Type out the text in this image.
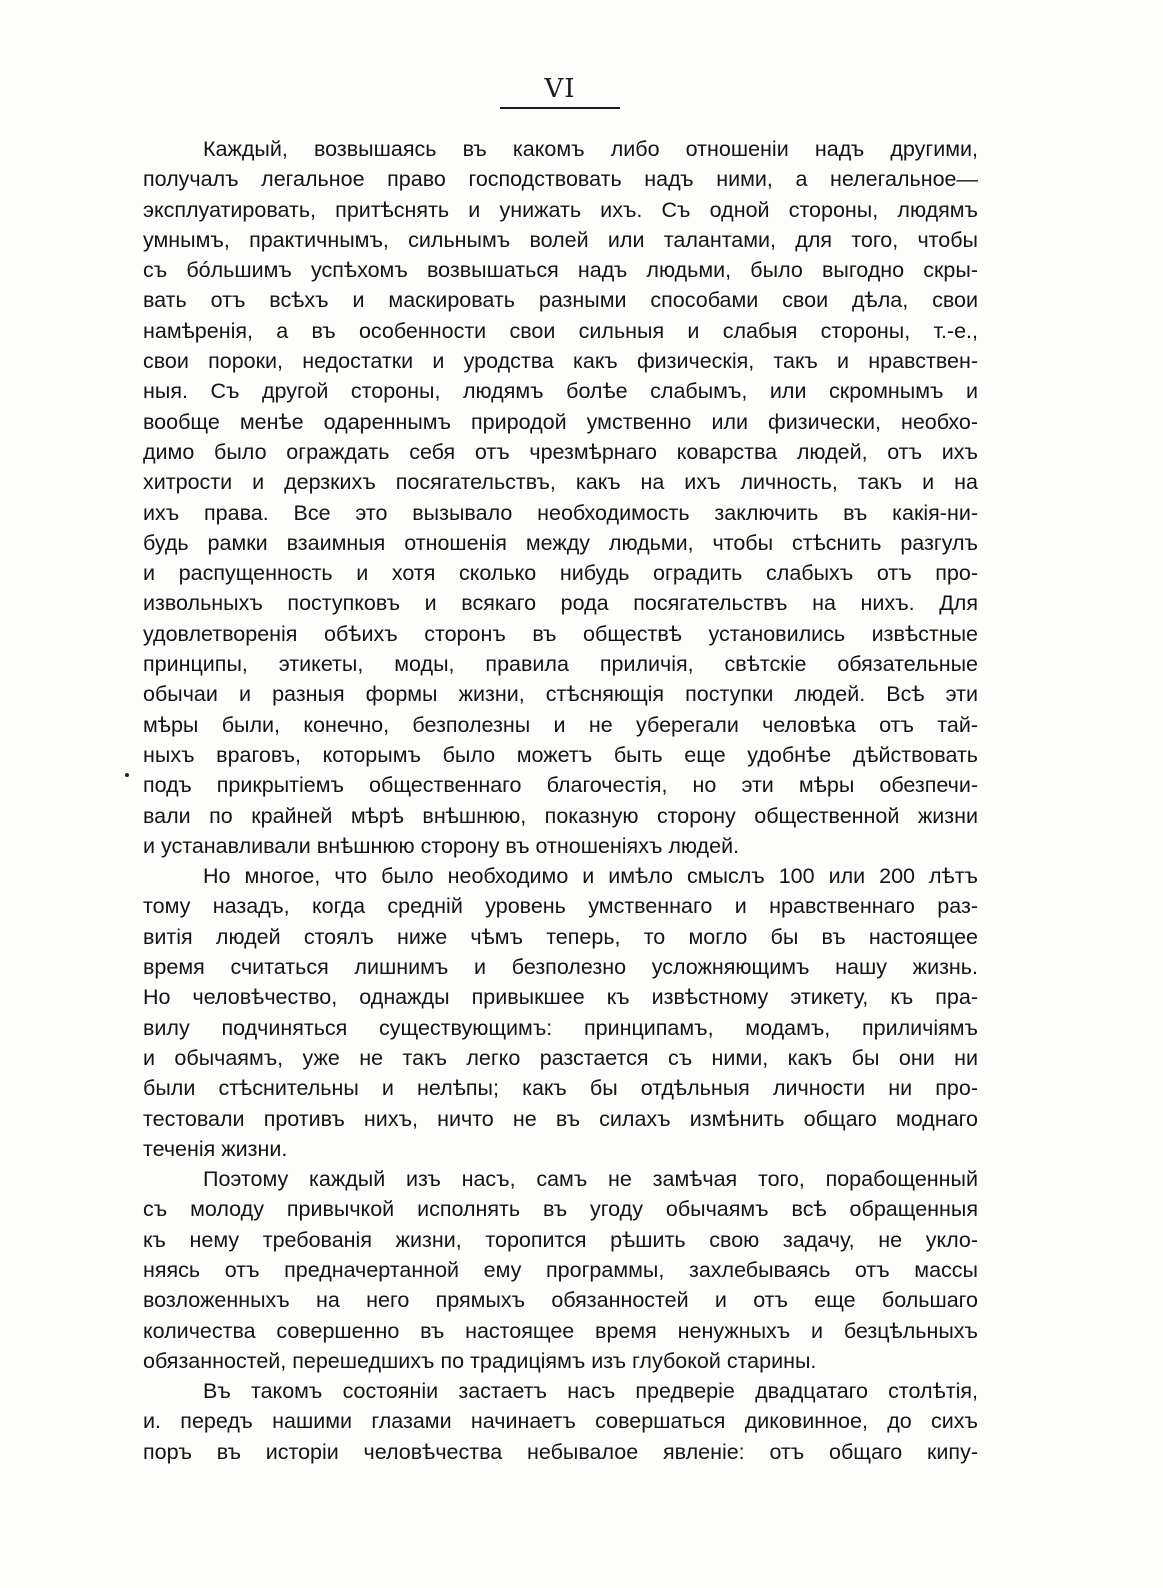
VI
Каждый, возвышаясь въ какомъ либо отношенiи надъ другими,
получалъ легальное право господствовать надъ ними, а нелегальное—
эксплуатировать, притѣснять и унижать ихъ. Съ одной стороны, людямъ
умнымъ, практичнымъ, сильнымъ волей или талантами, для того, чтобы
съ бóльшимъ успѣхомъ возвышаться надъ людьми, было выгодно скры-
вать отъ всѣхъ и маскировать разными способами свои дѣла, свои
намѣренiя, а въ особенности свои сильныя и слабыя стороны, т.-е.,
свои пороки, недостатки и уродства какъ физическiя, такъ и нравствен-
ныя. Съ другой стороны, людямъ болѣе слабымъ, или скромнымъ и
вообще менѣе одареннымъ природой умственно или физически, необхо-
димо было ограждать себя отъ чрезмѣрнаго коварства людей, отъ ихъ
хитрости и дерзкихъ посягательствъ, какъ на ихъ личность, такъ и на
ихъ права. Все это вызывало необходимость заключить въ какiя-ни-
будь рамки взаимныя отношенiя между людьми, чтобы стѣснить разгулъ
и распущенность и хотя сколько нибудь оградить слабыхъ отъ про-
извольныхъ поступковъ и всякаго рода посягательствъ на нихъ. Для
удовлетворенiя обѣихъ сторонъ въ обществѣ установились извѣстные
принципы, этикеты, моды, правила приличiя, свѣтскiе обязательные
обычаи и разныя формы жизни, стѣсняющiя поступки людей. Всѣ эти
мѣры были, конечно, безполезны и не уберегали человѣка отъ тай-
ныхъ враговъ, которымъ было можетъ быть еще удобнѣе дѣйствовать
подъ прикрытiемъ общественнаго благочестiя, но эти мѣры обезпечи-
вали по крайней мѣрѣ внѣшнюю, показную сторону общественной жизни
и устанавливали внѣшнюю сторону въ отношенiяхъ людей.
Но многое, что было необходимо и имѣло смыслъ 100 или 200 лѣтъ
тому назадъ, когда среднiй уровень умственнаго и нравственнаго раз-
витiя людей стоялъ ниже чѣмъ теперь, то могло бы въ настоящее
время считаться лишнимъ и безполезно усложняющимъ нашу жизнь.
Но человѣчество, однажды привыкшее къ извѣстному этикету, къ пра-
вилу подчиняться существующимъ: принципамъ, модамъ, приличiямъ
и обычаямъ, уже не такъ легко разстается съ ними, какъ бы они ни
были стѣснительны и нелѣпы; какъ бы отдѣльныя личности ни про-
тестовали противъ нихъ, ничто не въ силахъ измѣнить общаго моднаго
теченiя жизни.
Поэтому каждый изъ насъ, самъ не замѣчая того, порабощенный
съ молоду привычкой исполнять въ угоду обычаямъ всѣ обращенныя
къ нему требованiя жизни, торопится рѣшить свою задачу, не укло-
няясь отъ предначертанной ему программы, захлебываясь отъ массы
возложенныхъ на него прямыхъ обязанностей и отъ еще большаго
количества совершенно въ настоящее время ненужныхъ и безцѣльныхъ
обязанностей, перешедшихъ по традицiямъ изъ глубокой старины.
Въ такомъ состоянiи застаетъ насъ предверiе двадцатаго столѣтiя,
и. передъ нашими глазами начинаетъ совершаться диковинное, до сихъ
поръ въ исторiи человѣчества небывалое явленiе: отъ общаго кипу-
